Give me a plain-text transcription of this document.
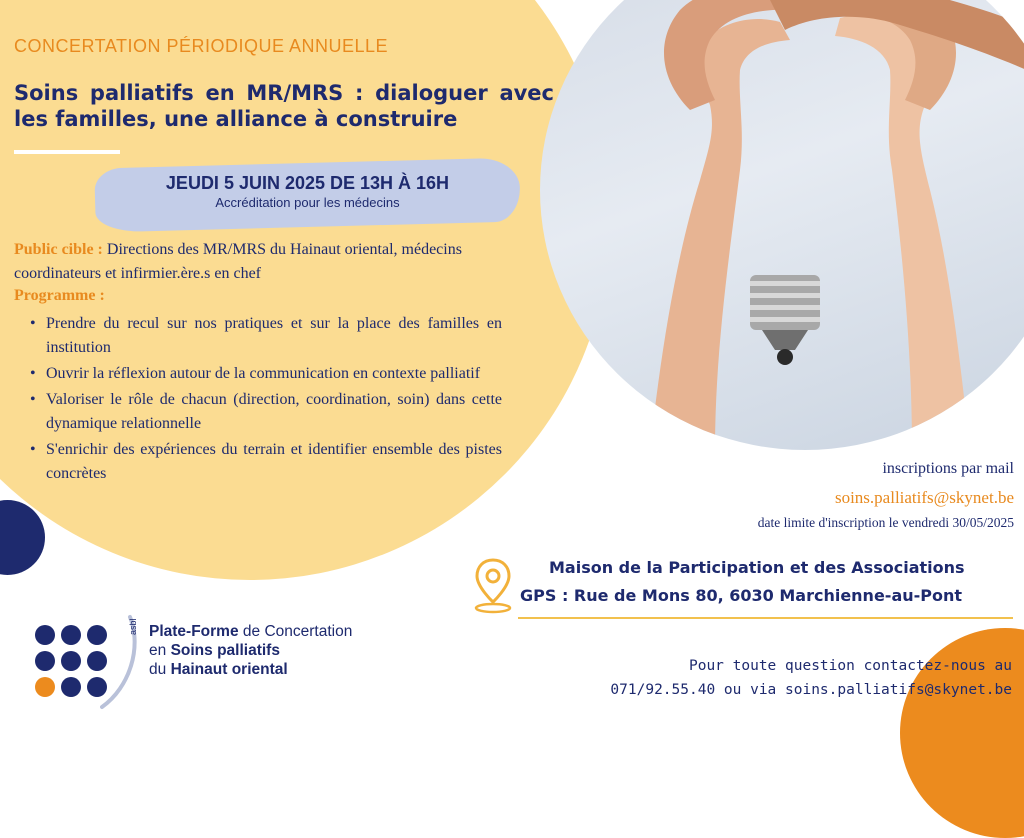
CONCERTATION PÉRIODIQUE ANNUELLE
Soins palliatifs en MR/MRS : dialoguer avec les familles, une alliance à construire
JEUDI 5 JUIN 2025 DE 13H À 16H
Accréditation pour les médecins
Public cible : Directions des MR/MRS du Hainaut oriental, médecins coordinateurs et infirmier.ère.s en chef
Programme :
• Prendre du recul sur nos pratiques et sur la place des familles en institution
• Ouvrir la réflexion autour de la communication en contexte palliatif
• Valoriser le rôle de chacun (direction, coordination, soin) dans cette dynamique relationnelle
• S'enrichir des expériences du terrain et identifier ensemble des pistes concrètes	inscriptions par mail
soins.palliatifs@skynet.be
date limite d'inscription le vendredi 30/05/2025
Maison de la Participation et des Associations
GPS : Rue de Mons 80, 6030 Marchienne-au-Pont
Pour toute question contactez-nous au
071/92.55.40 ou via soins.palliatifs@skynet.be
asbl Plate-Forme de Concertation
en Soins palliatifs
du Hainaut oriental
